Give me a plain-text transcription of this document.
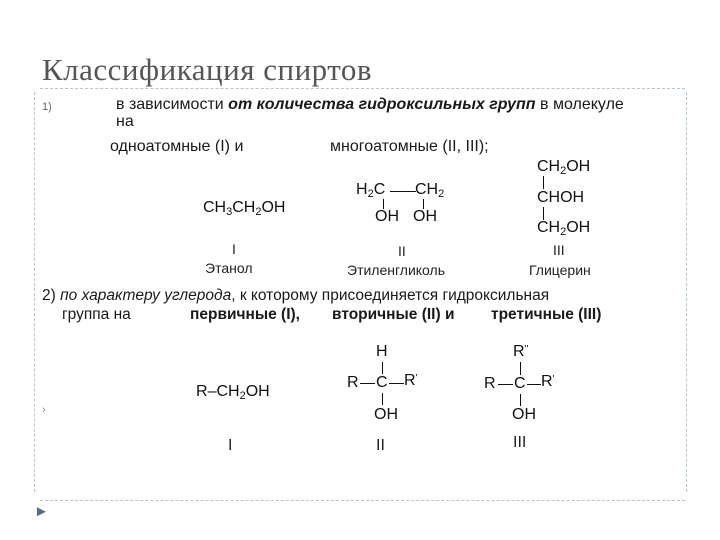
►
Классификация спиртов
1)	в зависимости от количества гидроксильных групп в молекуле
на
одноатомные (I) и	многоатомные (II, III);
$CH_3CH_2OH$
I
Этанол
$H_2C$ $CH_2$
OH OH
II
Этиленгликоль
$CH_2OH$
CHOH
$CH_2OH$
III
Глицерин
2) по характеру углерода, к которому присоединяется гидроксильная
группа на	первичные (I), вторичные (II) и третичные (III)
$R-CH_2OH$
I
H
R C R'
OH
II
R''
R C R'
OH
III
›
